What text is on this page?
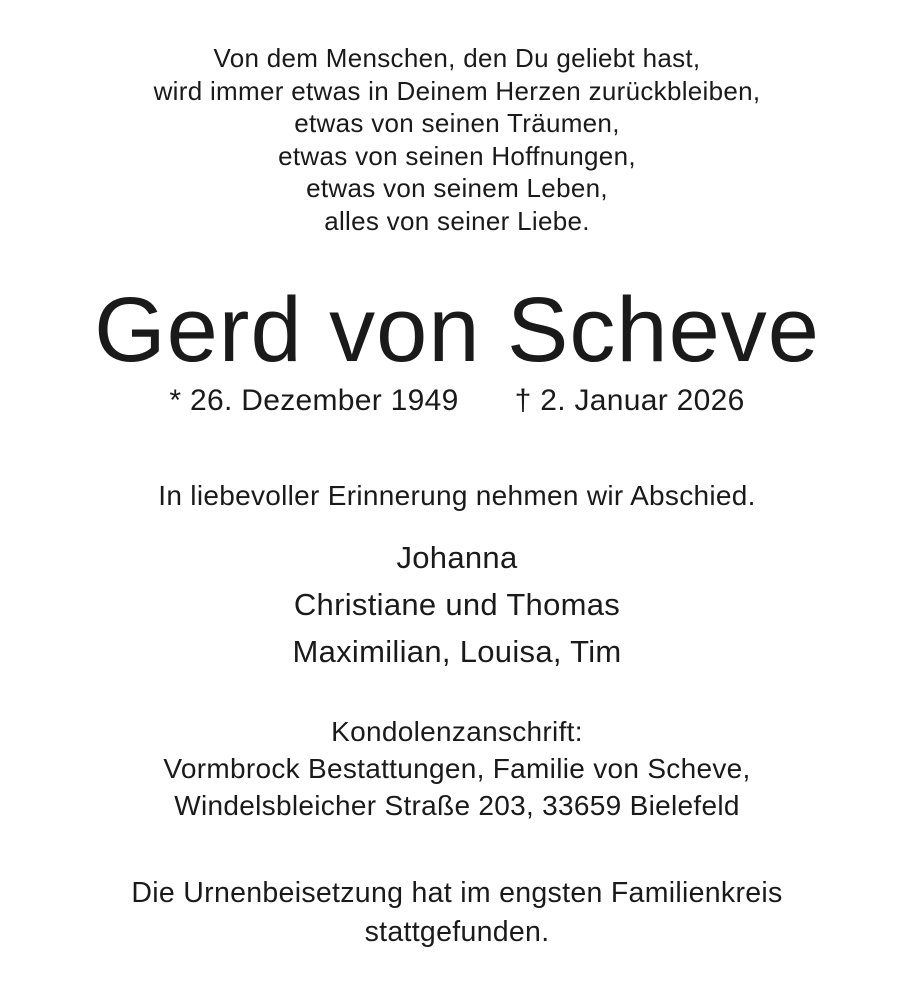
Von dem Menschen, den Du geliebt hast,

wird immer etwas in Deinem Herzen zurückbleiben,

etwas von seinen Träumen,

etwas von seinen Hoffnungen,

etwas von seinem Leben,

alles von seiner Liebe.

Gerd von Scheve
* 26. Dezember 1949 † 2. Januar 2026

In liebevoller Erinnerung nehmen wir Abschied.

Johanna

Christiane und Thomas

Maximilian, Louisa, Tim

Kondolenzanschrift:

Vormbrock Bestattungen, Familie von Scheve,

Windelsbleicher Straße 203, 33659 Bielefeld

Die Urnenbeisetzung hat im engsten Familienkreis

stattgefunden.
